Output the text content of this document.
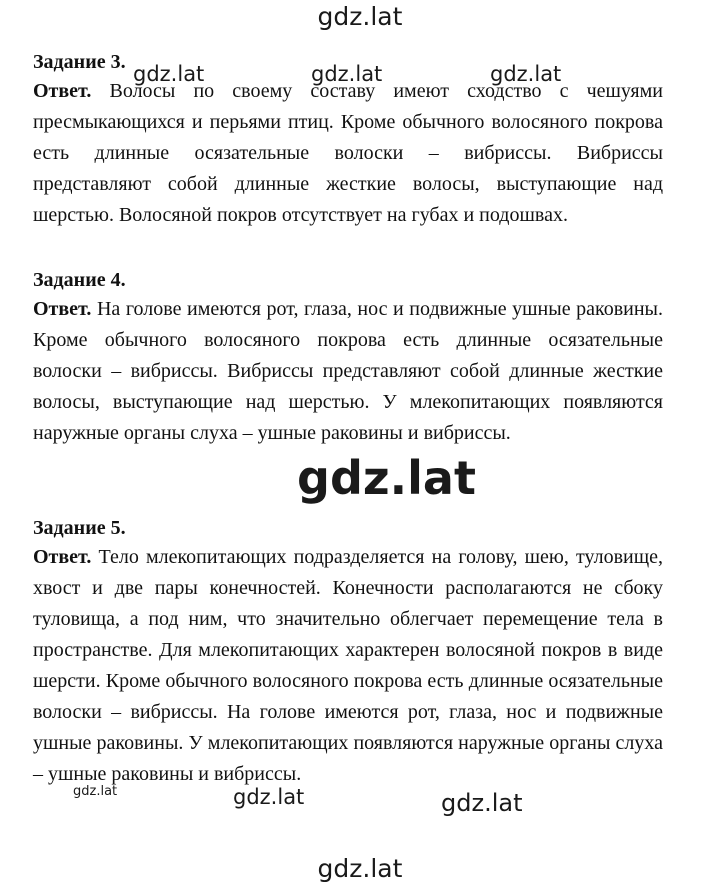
Задание 3.

Ответ. Волосы по своему составу имеют сходство с чешуями пресмыкающихся и перьями птиц. Кроме обычного волосяного покрова есть длинные осязательные волоски – вибриссы. Вибриссы представляют собой длинные жесткие волосы, выступающие над шерстью. Волосяной покров отсутствует на губах и подошвах.

Задание 4.

Ответ. На голове имеются рот, глаза, нос и подвижные ушные раковины. Кроме обычного волосяного покрова есть длинные осязательные волоски – вибриссы. Вибриссы представляют собой длинные жесткие волосы, выступающие над шерстью. У млекопитающих появляются наружные органы слуха – ушные раковины и вибриссы.

Задание 5.

Ответ. Тело млекопитающих подразделяется на голову, шею, туловище, хвост и две пары конечностей. Конечности располагаются не сбоку туловища, а под ним, что значительно облегчает перемещение тела в пространстве. Для млекопитающих характерен волосяной покров в виде шерсти. Кроме обычного волосяного покрова есть длинные осязательные волоски – вибриссы. На голове имеются рот, глаза, нос и подвижные ушные раковины. У млекопитающих появляются наружные органы слуха – ушные раковины и вибриссы.

gdz.lat
gdz.lat	gdz.lat	gdz.lat
gdz.lat
gdz.lat	gdz.lat	gdz.lat
gdz.lat
